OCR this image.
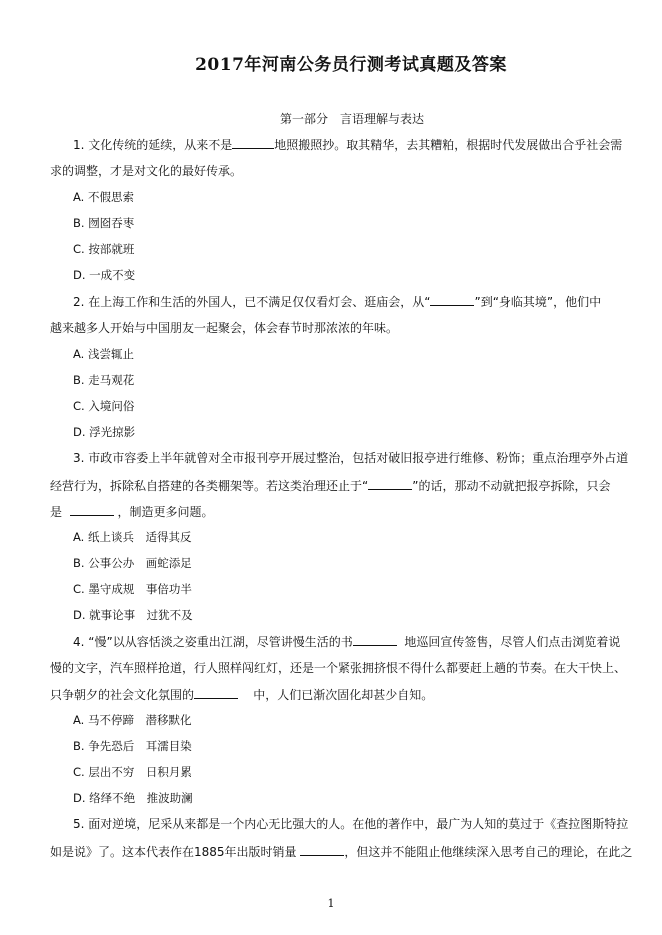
2017年河南公务员行测考试真题及答案
第一部分　言语理解与表达
1. 文化传统的延续，从来不是	地照搬照抄。取其精华，去其糟粕，根据时代发展做出合乎社会需
求的调整，才是对文化的最好传承。
A. 不假思索
B. 囫囵吞枣
C. 按部就班
D. 一成不变
2. 在上海工作和生活的外国人，已不满足仅仅看灯会、逛庙会，从“	”到“身临其境”，他们中
越来越多人开始与中国朋友一起聚会，体会春节时那浓浓的年味。
A. 浅尝辄止
B. 走马观花
C. 入境问俗
D. 浮光掠影
3. 市政市容委上半年就曾对全市报刊亭开展过整治，包括对破旧报亭进行维修、粉饰；重点治理亭外占道
经营行为，拆除私自搭建的各类棚架等。若这类治理还止于“	”的话，那动不动就把报亭拆除，只会
是	，制造更多问题。
A. 纸上谈兵　适得其反
B. 公事公办　画蛇添足
C. 墨守成规　事倍功半
D. 就事论事　过犹不及
4. “慢”以从容恬淡之姿重出江湖，尽管讲慢生活的书	地巡回宣传签售，尽管人们点击浏览着说
慢的文字，汽车照样抢道，行人照样闯红灯，还是一个紧张拥挤恨不得什么都要赶上趟的节奏。在大干快上、
只争朝夕的社会文化氛围的	中，人们已渐次固化却甚少自知。
A. 马不停蹄　潜移默化
B. 争先恐后　耳濡目染
C. 层出不穷　日积月累
D. 络绎不绝　推波助澜
5. 面对逆境，尼采从来都是一个内心无比强大的人。在他的著作中，最广为人知的莫过于《查拉图斯特拉
如是说》了。这本代表作在1885年出版时销量	，但这并不能阻止他继续深入思考自己的理论，在此之
1
